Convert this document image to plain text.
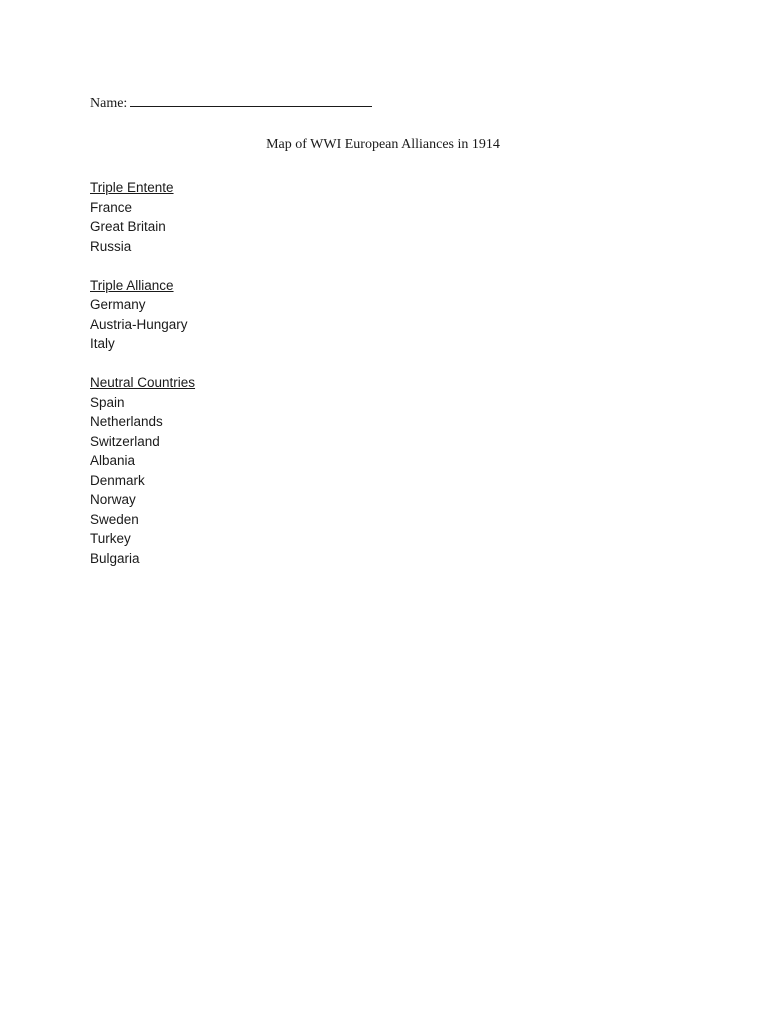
Name:
Map of WWI European Alliances in 1914
Triple Entente
France
Great Britain
Russia
Triple Alliance
Germany
Austria-Hungary
Italy
Neutral Countries
Spain
Netherlands
Switzerland
Albania
Denmark
Norway
Sweden
Turkey
Bulgaria
